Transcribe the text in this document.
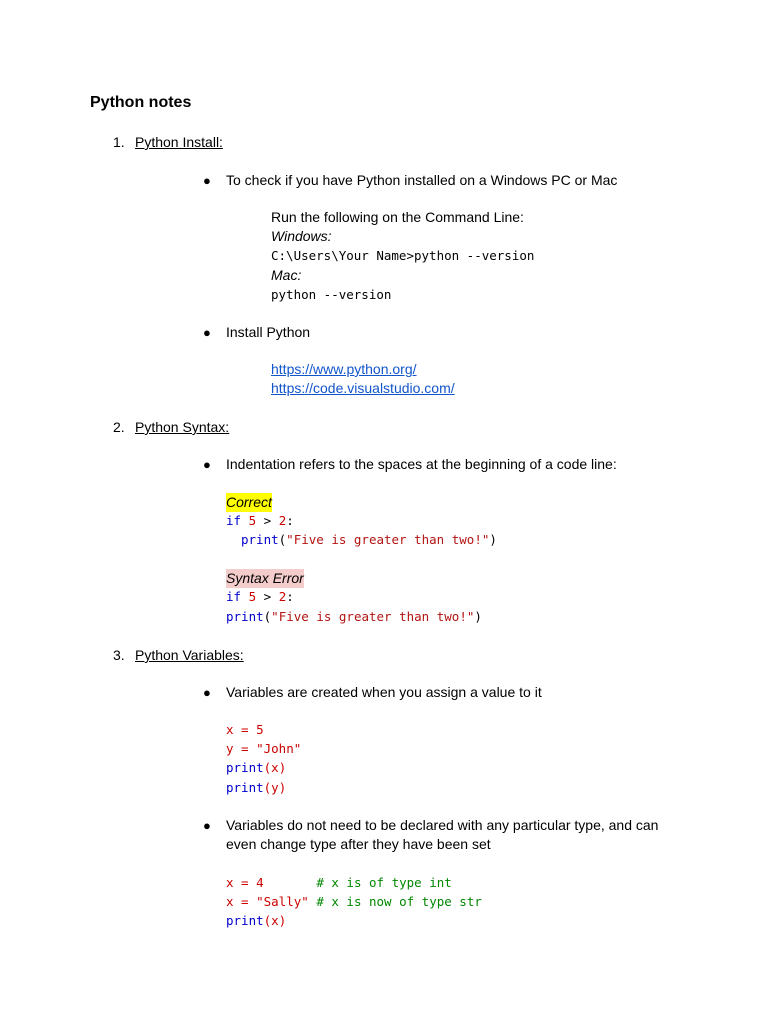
Python notes
1. Python Install:
● To check if you have Python installed on a Windows PC or Mac
Run the following on the Command Line:
Windows:
C:\Users\Your Name>python --version
Mac:
python --version
● Install Python
https://www.python.org/
https://code.visualstudio.com/
2. Python Syntax:
● Indentation refers to the spaces at the beginning of a code line:
Correct
if 5 > 2:
print("Five is greater than two!")
Syntax Error
if 5 > 2:
print("Five is greater than two!")
3. Python Variables:
● Variables are created when you assign a value to it
x = 5
y = "John"
print(x)
print(y)
● Variables do not need to be declared with any particular type, and can
even change type after they have been set
x = 4       # x is of type int
x = "Sally" # x is now of type str
print(x)
